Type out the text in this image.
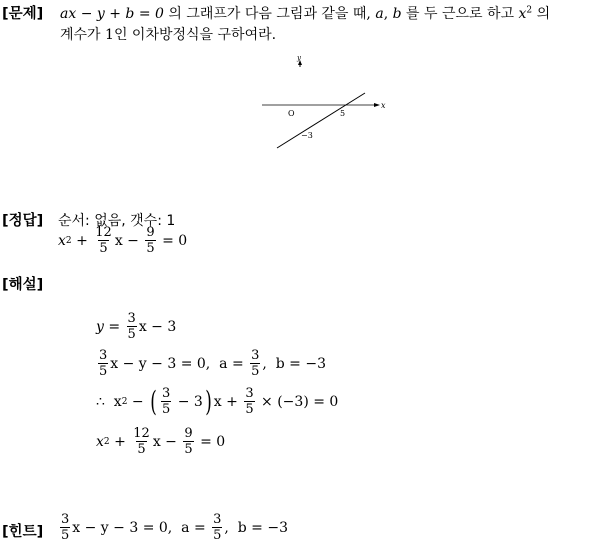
[문제] ax − y + b = 0 의 그래프가 다음 그림과 같을 때, a, b 를 두 근으로 하고 $x^2$ 의
계수가 1인 이차방정식을 구하여라.
y
x
O	5
−3
[정답] 순서: 없음, 갯수: 1
x $2 + \frac{12}{5}$ $x - \frac{9}{5} = 0$
[해설]
$y = \frac{3}{5}$ x − 3
$\frac{3}{5}$ x − y − 3 = 0,  $a = \frac{3}{5}$ ,  b = −3
∴  x 2 − ( $\frac{3}{5} - 3$ ) $x + \frac{3}{5} \times (-3) = 0$
x $2 + \frac{12}{5}$ $x - \frac{9}{5} = 0$
[힌트] $\frac{3}{5}$ x − y − 3 = 0,  $a = \frac{3}{5}$ ,  b = −3
